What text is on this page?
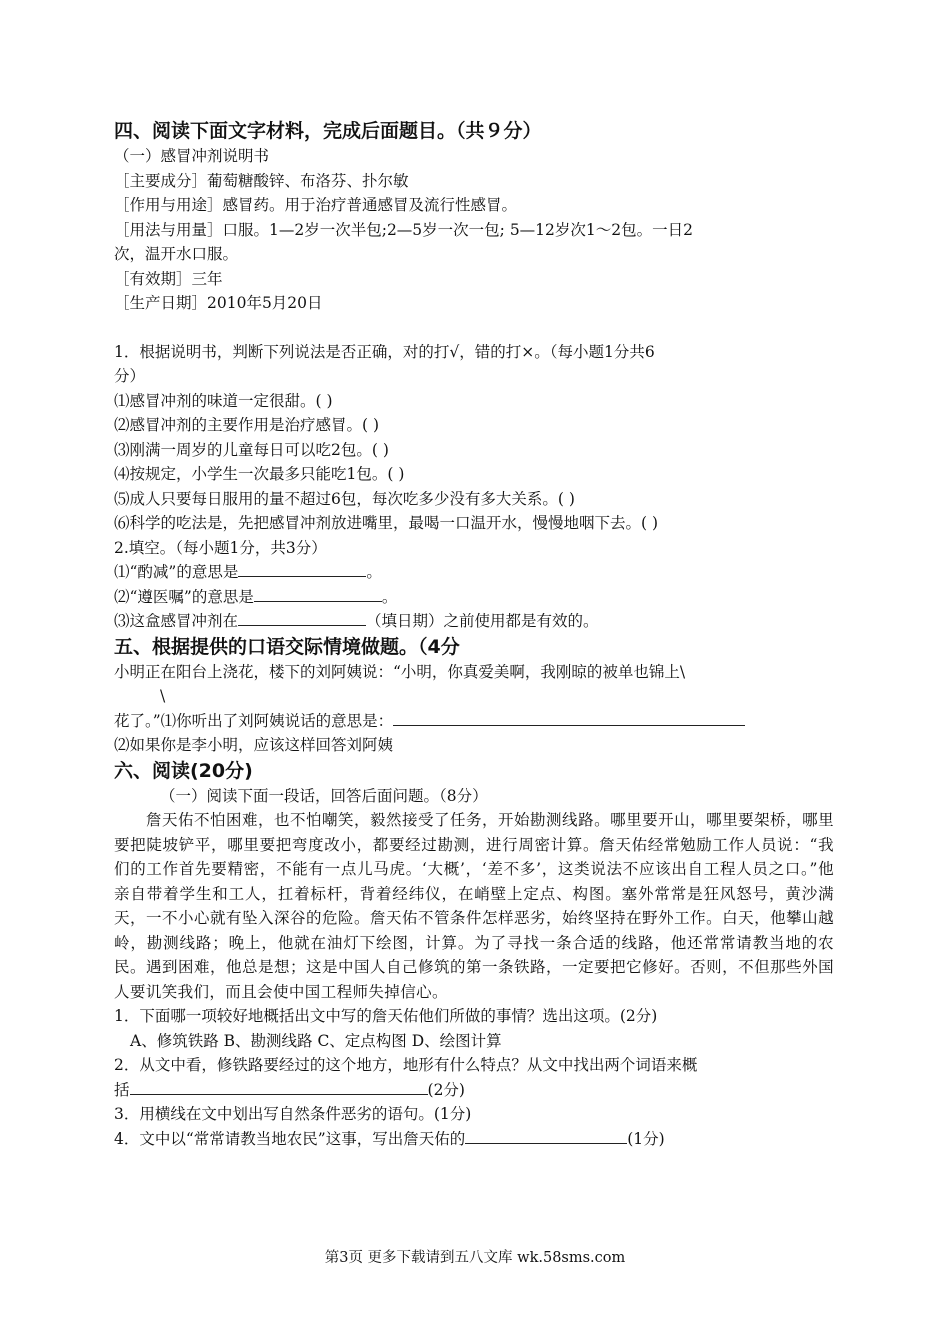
四、阅读下面文字材料，完成后面题目。（共９分）

（一）感冒冲剂说明书

［主要成分］葡萄糖酸锌、布洛芬、扑尔敏

［作用与用途］感冒药。用于治疗普通感冒及流行性感冒。

［用法与用量］口服。1—2岁一次半包;2—5岁一次一包; 5—12岁次1～2包。一日2

次，温开水口服。

［有效期］三年

［生产日期］2010年5月20日

1．根据说明书，判断下列说法是否正确，对的打√，错的打×。（每小题1分共6

分）

⑴感冒冲剂的味道一定很甜。( )

⑵感冒冲剂的主要作用是治疗感冒。( )

⑶刚满一周岁的儿童每日可以吃2包。( )

⑷按规定，小学生一次最多只能吃1包。( )

⑸成人只要每日服用的量不超过6包，每次吃多少没有多大关系。( )

⑹科学的吃法是，先把感冒冲剂放进嘴里，最喝一口温开水，慢慢地咽下去。( )

2.填空。（每小题1分，共3分）

⑴“酌减”的意思是	。

⑵“遵医嘱”的意思是	。

⑶这盒感冒冲剂在	（填日期）之前使用都是有效的。

五、根据提供的口语交际情境做题。（4分

小明正在阳台上浇花，楼下的刘阿姨说：“小明，你真爱美啊，我刚晾的被单也锦上\

\

花了。”⑴你听出了刘阿姨说话的意思是：

⑵如果你是李小明，应该这样回答刘阿姨

六、阅读(20分)

（一）阅读下面一段话，回答后面问题。（8分）

詹天佑不怕困难，也不怕嘲笑，毅然接受了任务，开始勘测线路。哪里要开山，哪里要架桥，哪里要把陡坡铲平，哪里要把弯度改小，都要经过勘测，进行周密计算。詹天佑经常勉励工作人员说：“我们的工作首先要精密，不能有一点儿马虎。‘大概’，‘差不多’，这类说法不应该出自工程人员之口。”他亲自带着学生和工人，扛着标杆，背着经纬仪，在峭壁上定点、构图。塞外常常是狂风怒号，黄沙满天，一不小心就有坠入深谷的危险。詹天佑不管条件怎样恶劣，始终坚持在野外工作。白天，他攀山越岭，勘测线路；晚上，他就在油灯下绘图，计算。为了寻找一条合适的线路，他还常常请教当地的农民。遇到困难，他总是想；这是中国人自己修筑的第一条铁路，一定要把它修好。否则，不但那些外国人要讥笑我们，而且会使中国工程师失掉信心。

1．下面哪一项较好地概括出文中写的詹天佑他们所做的事情？选出这项。(2分)

A、修筑铁路 B、勘测线路 C、定点构图 D、绘图计算

2．从文中看，修铁路要经过的这个地方，地形有什么特点？从文中找出两个词语来概

括	(2分)

3．用横线在文中划出写自然条件恶劣的语句。(1分)

4．文中以“常常请教当地农民”这事，写出詹天佑的	(1分)

第3页 更多下载请到五八文库 wk.58sms.com
